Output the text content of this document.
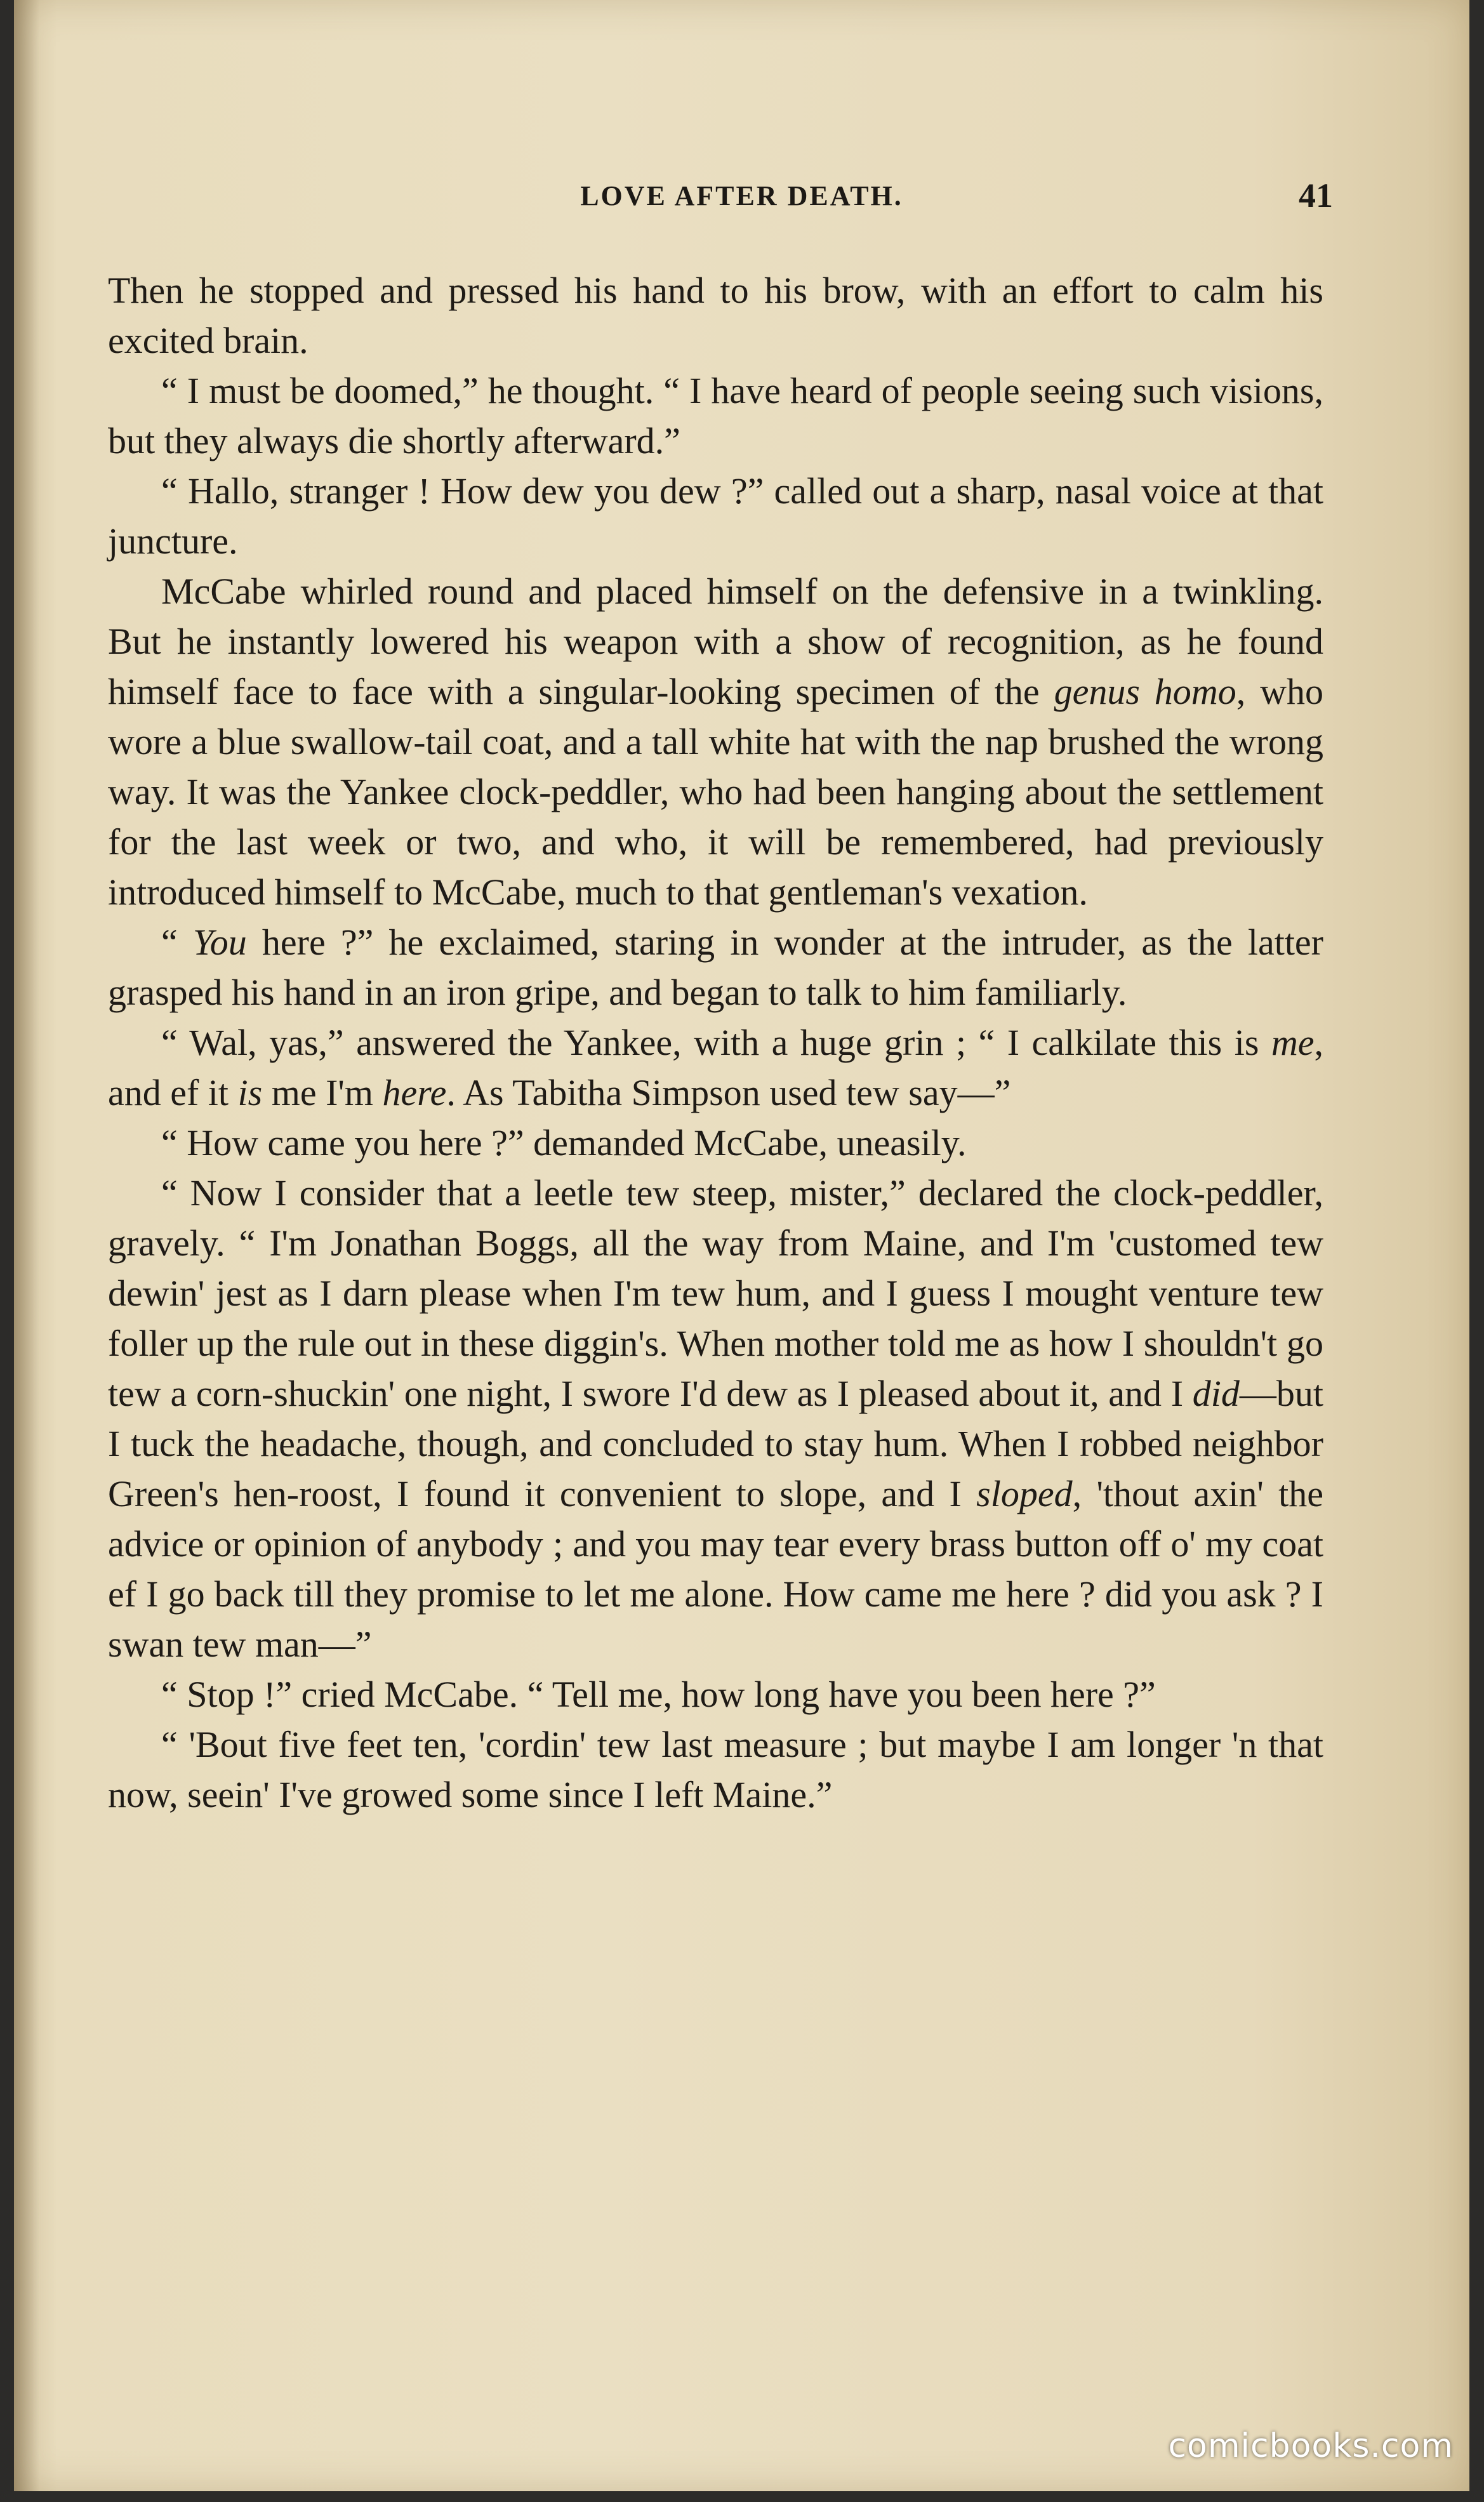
LOVE AFTER DEATH.	41

Then he stopped and pressed his hand to his brow, with an effort to calm his excited brain.

“ I must be doomed,” he thought. “ I have heard of people seeing such visions, but they always die shortly afterward.”

“ Hallo, stranger ! How dew you dew ?” called out a sharp, nasal voice at that juncture.

McCabe whirled round and placed himself on the defensive in a twinkling. But he instantly lowered his weapon with a show of recognition, as he found himself face to face with a singular-looking specimen of the genus homo, who wore a blue swallow-tail coat, and a tall white hat with the nap brushed the wrong way. It was the Yankee clock-peddler, who had been hanging about the settlement for the last week or two, and who, it will be remembered, had previously introduced himself to McCabe, much to that gentleman's vexation.

“ You here ?” he exclaimed, staring in wonder at the intruder, as the latter grasped his hand in an iron gripe, and began to talk to him familiarly.

“ Wal, yas,” answered the Yankee, with a huge grin ; “ I calkilate this is me, and ef it is me I'm here. As Tabitha Simpson used tew say—”

“ How came you here ?” demanded McCabe, uneasily.

“ Now I consider that a leetle tew steep, mister,” declared the clock-peddler, gravely. “ I'm Jonathan Boggs, all the way from Maine, and I'm 'customed tew dewin' jest as I darn please when I'm tew hum, and I guess I mought venture tew foller up the rule out in these diggin's. When mother told me as how I shouldn't go tew a corn-shuckin' one night, I swore I'd dew as I pleased about it, and I did—but I tuck the headache, though, and concluded to stay hum. When I robbed neighbor Green's hen-roost, I found it convenient to slope, and I sloped, 'thout axin' the advice or opinion of anybody ; and you may tear every brass button off o' my coat ef I go back till they promise to let me alone. How came me here ? did you ask ? I swan tew man—”

“ Stop !” cried McCabe. “ Tell me, how long have you been here ?”

“ 'Bout five feet ten, 'cordin' tew last measure ; but maybe I am longer 'n that now, seein' I've growed some since I left Maine.”

comicbooks.com
